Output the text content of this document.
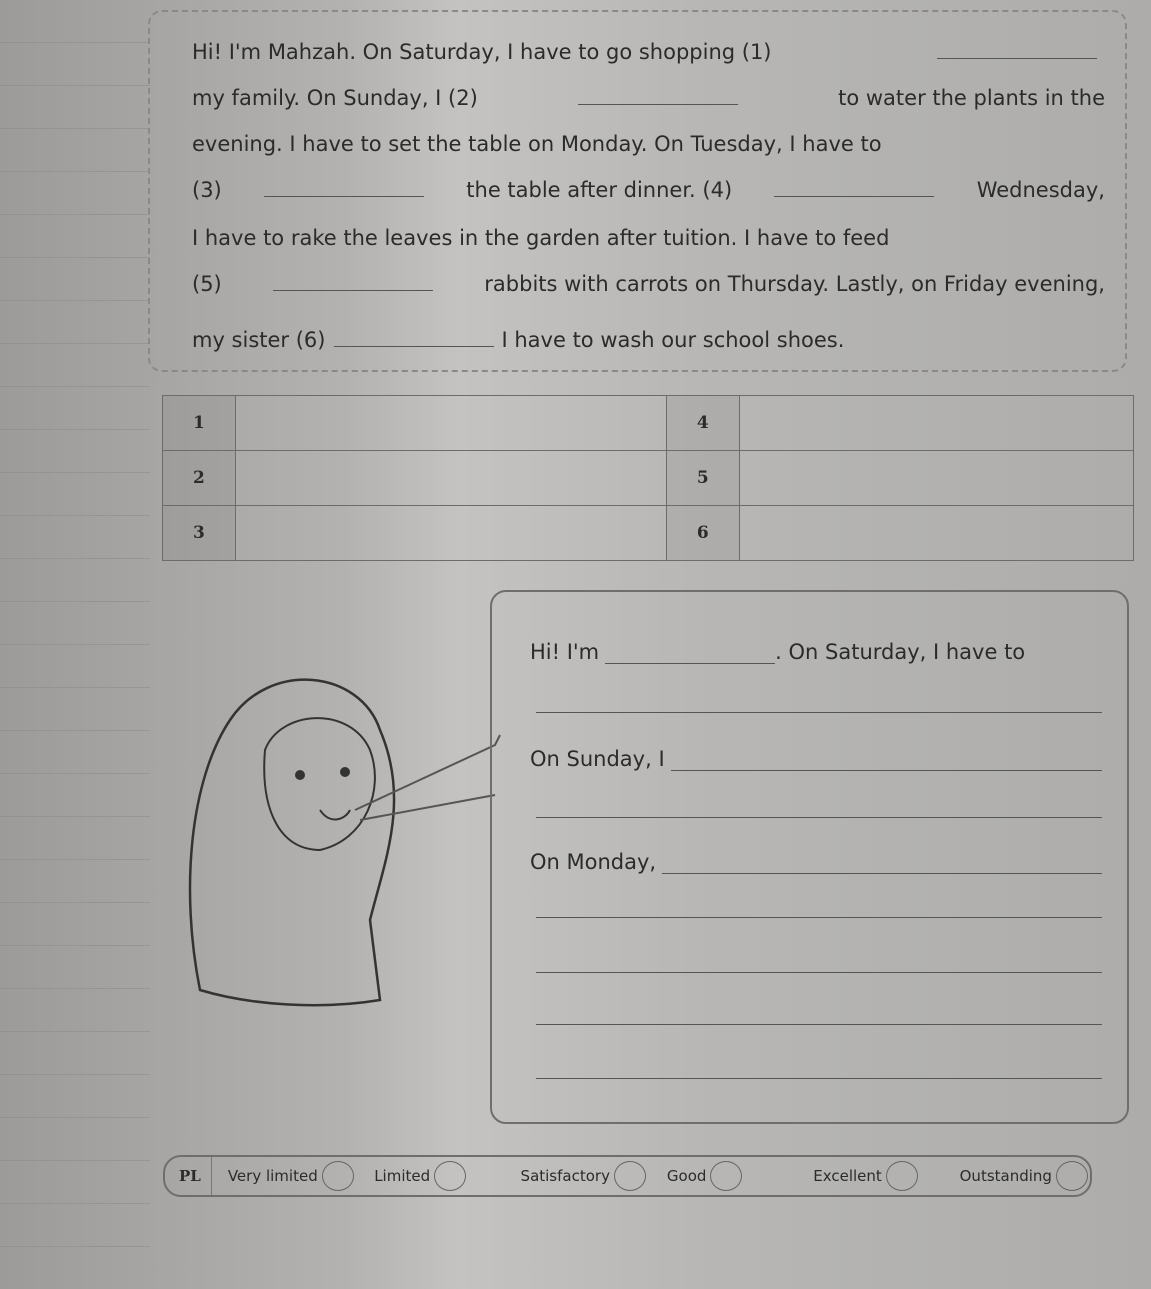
Hi! I'm Mahzah. On Saturday, I have to go shopping (1)
my family. On Sunday, I (2)	to water the plants in the
evening. I have to set the table on Monday. On Tuesday, I have to
(3)	the table after dinner. (4)	Wednesday,
I have to rake the leaves in the garden after tuition. I have to feed
(5)	rabbits with carrots on Thursday. Lastly, on Friday evening,
my sister (6)	I have to wash our school shoes.
1		4	
2		5	
3		6	
Hi! I'm	. On Saturday, I have to
On Sunday, I
On Monday,
PL	Very limited	Limited	Satisfactory	Good	Excellent	Outstanding
